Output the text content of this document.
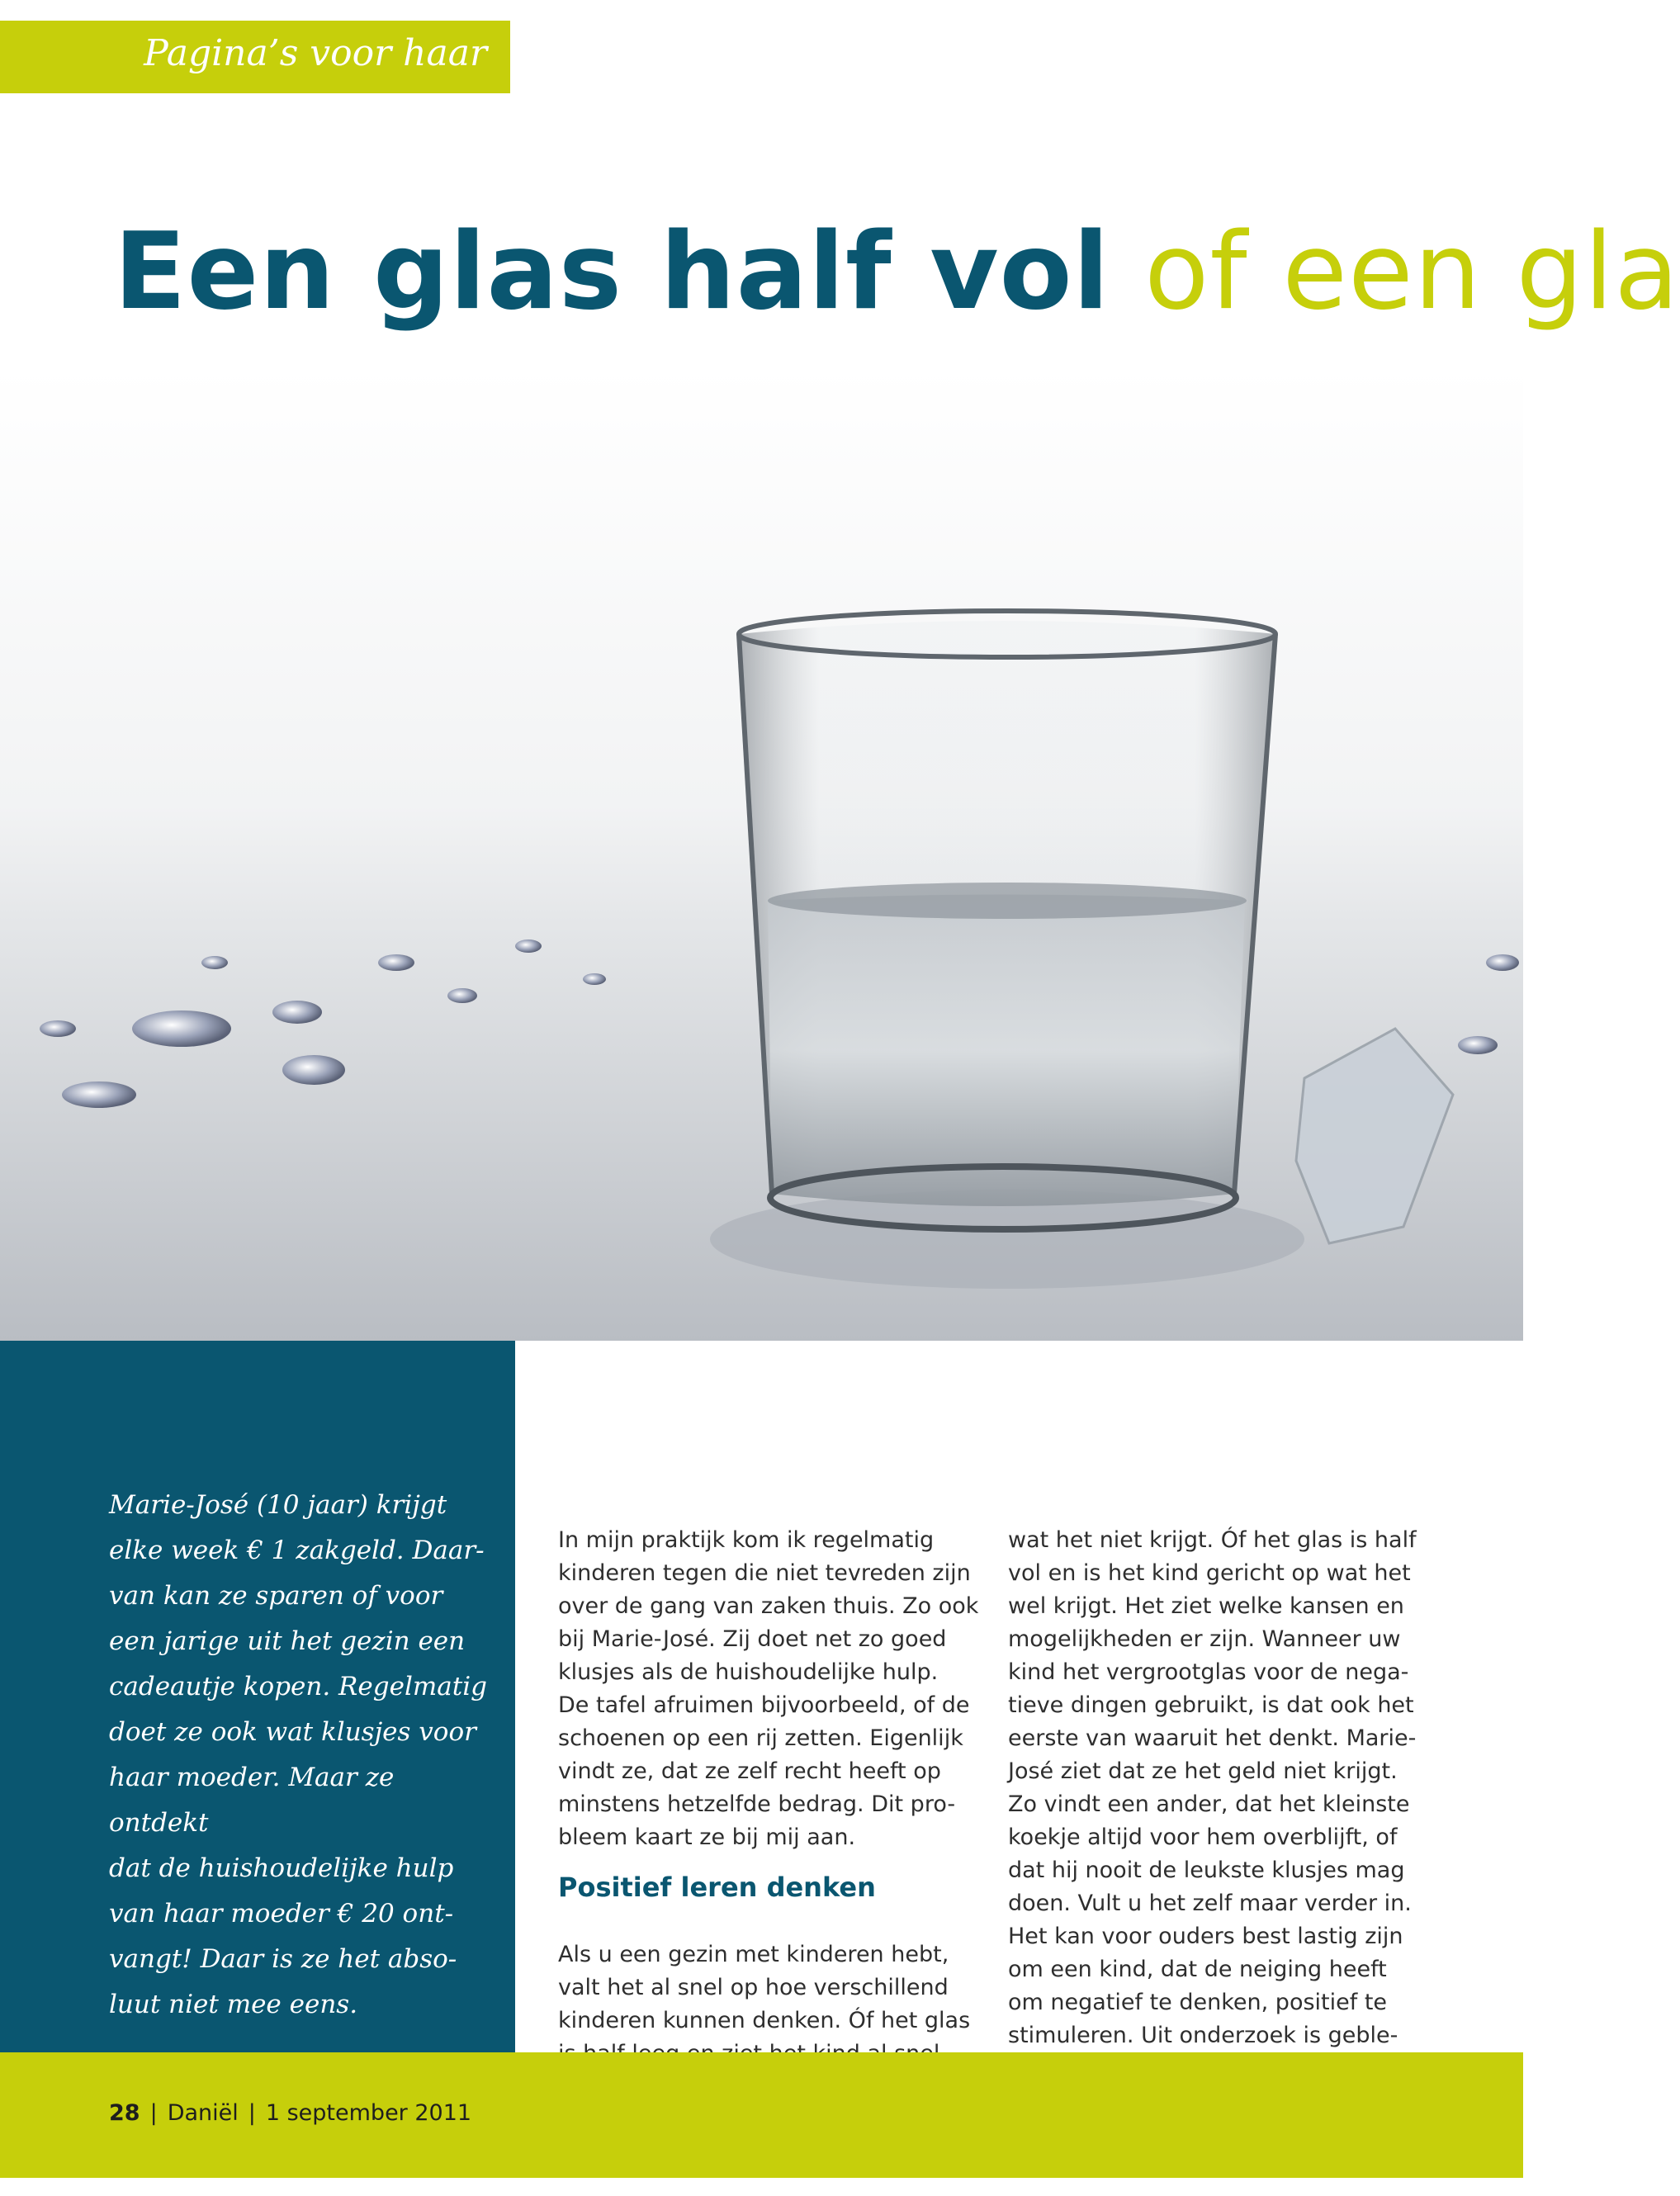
Pagina’s voor haar
Een glas half vol of een gla
Marie-José (10 jaar) krijgt
elke week € 1 zakgeld. Daar-
van kan ze sparen of voor
een jarige uit het gezin een
cadeautje kopen. Regelmatig
doet ze ook wat klusjes voor
haar moeder. Maar ze ontdekt
dat de huishoudelijke hulp
van haar moeder € 20 ont-
vangt! Daar is ze het abso-
luut niet mee eens.

In mijn praktijk kom ik regelmatig
kinderen tegen die niet tevreden zijn
over de gang van zaken thuis. Zo ook
bij Marie-José. Zij doet net zo goed
klusjes als de huishoudelijke hulp.
De tafel afruimen bijvoorbeeld, of de
schoenen op een rij zetten. Eigenlijk
vindt ze, dat ze zelf recht heeft op
minstens hetzelfde bedrag. Dit pro-
bleem kaart ze bij mij aan.

Positief leren denken

Als u een gezin met kinderen hebt,
valt het al snel op hoe verschillend
kinderen kunnen denken. Óf het glas

wat het niet krijgt. Óf het glas is half
vol en is het kind gericht op wat het
wel krijgt. Het ziet welke kansen en
mogelijkheden er zijn. Wanneer uw
kind het vergrootglas voor de nega-
tieve dingen gebruikt, is dat ook het
eerste van waaruit het denkt. Marie-
José ziet dat ze het geld niet krijgt.
Zo vindt een ander, dat het kleinste
koekje altijd voor hem overblijft, of
dat hij nooit de leukste klusjes mag
doen. Vult u het zelf maar verder in.
Het kan voor ouders best lastig zijn
om een kind, dat de neiging heeft
om negatief te denken, positief te
stimuleren. Uit onderzoek is geble-

28 | Daniël | 1 september 2011
